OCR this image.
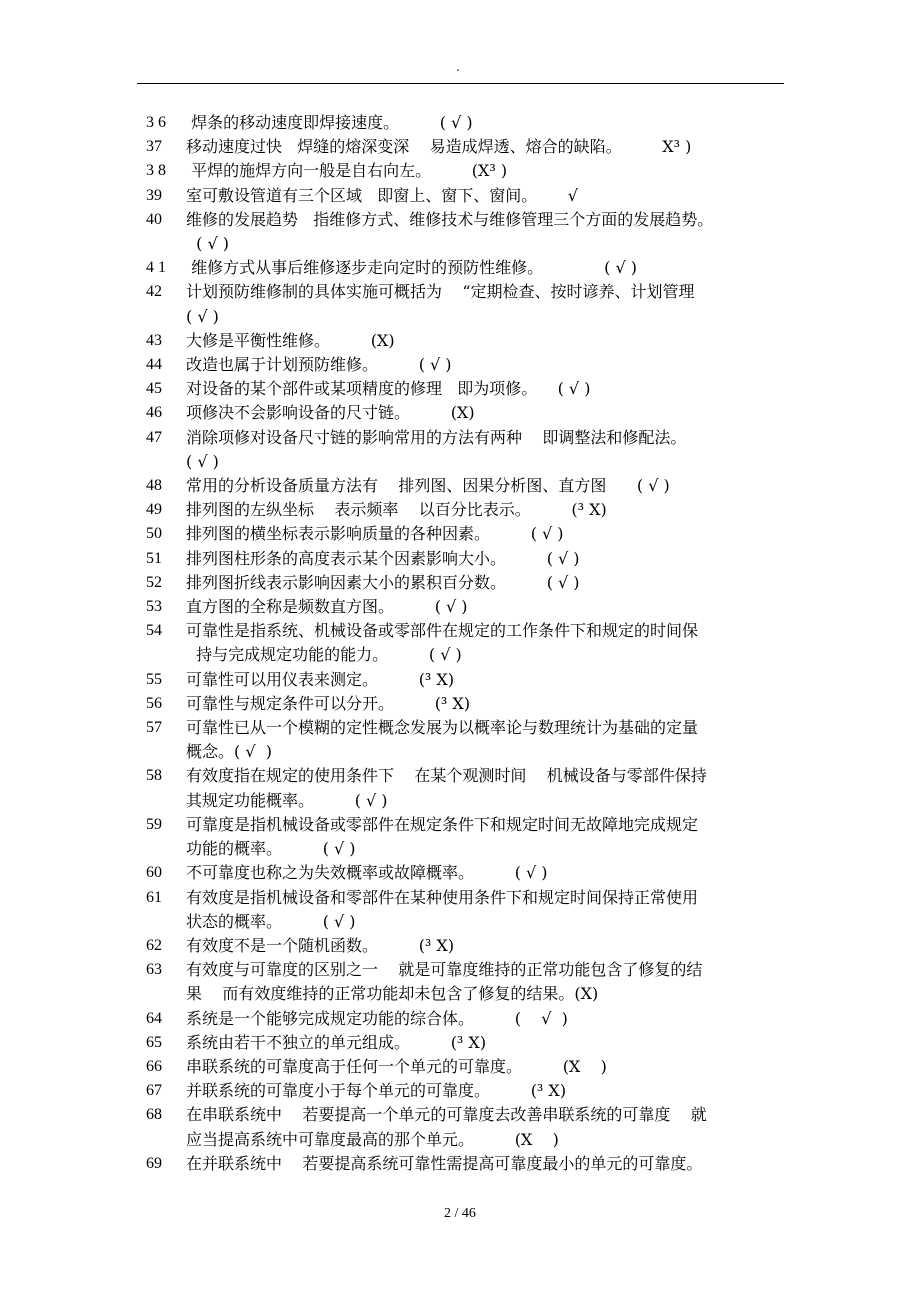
.
3 6	焊条的移动速度即焊接速度。        ( √ )
37	移动速度过快   焊缝的熔深变深    易造成焊透、熔合的缺陷。        X³ )
3 8	平焊的施焊方向一般是自右向左。        (X³ )
39	室可敷设管道有三个区域   即窗上、窗下、窗间。      √
40	维修的发展趋势   指维修方式、维修技术与维修管理三个方面的发展趋势。
( √ )
4 1	维修方式从事后维修逐步走向定时的预防性维修。            ( √ )
42	计划预防维修制的具体实施可概括为    “定期检查、按时谚养、计划管理
( √ )
43	大修是平衡性维修。        (X)
44	改造也属于计划预防维修。        ( √ )
45	对设备的某个部件或某项精度的修理   即为项修。    ( √ )
46	项修决不会影响设备的尺寸链。        (X)
47	消除项修对设备尺寸链的影响常用的方法有两种    即调整法和修配法。
( √ )
48	常用的分析设备质量方法有    排列图、因果分析图、直方图      ( √ )
49	排列图的左纵坐标    表示频率    以百分比表示。        (³ X)
50	排列图的横坐标表示影响质量的各种因素。        ( √ )
51	排列图柱形条的高度表示某个因素影响大小。        ( √ )
52	排列图折线表示影响因素大小的累积百分数。        ( √ )
53	直方图的全称是频数直方图。        ( √ )
54	可靠性是指系统、机械设备或零部件在规定的工作条件下和规定的时间保
持与完成规定功能的能力。        ( √ )
55	可靠性可以用仪表来测定。        (³ X)
56	可靠性与规定条件可以分开。        (³ X)
57	可靠性已从一个模糊的定性概念发展为以概率论与数理统计为基础的定量
概念。( √  )
58	有效度指在规定的使用条件下    在某个观测时间    机械设备与零部件保持
其规定功能概率。        ( √ )
59	可靠度是指机械设备或零部件在规定条件下和规定时间无故障地完成规定
功能的概率。        ( √ )
60	不可靠度也称之为失效概率或故障概率。        ( √ )
61	有效度是指机械设备和零部件在某种使用条件下和规定时间保持正常使用
状态的概率。        ( √ )
62	有效度不是一个随机函数。        (³ X)
63	有效度与可靠度的区别之一    就是可靠度维持的正常功能包含了修复的结
果    而有效度维持的正常功能却未包含了修复的结果。(X)
64	系统是一个能够完成规定功能的综合体。        (    √  )
65	系统由若干不独立的单元组成。        (³ X)
66	串联系统的可靠度高于任何一个单元的可靠度。        (X    )
67	并联系统的可靠度小于每个单元的可靠度。        (³ X)
68	在串联系统中    若要提高一个单元的可靠度去改善串联系统的可靠度    就
应当提高系统中可靠度最高的那个单元。        (X    )
69	在并联系统中    若要提高系统可靠性需提高可靠度最小的单元的可靠度。
2 / 46
